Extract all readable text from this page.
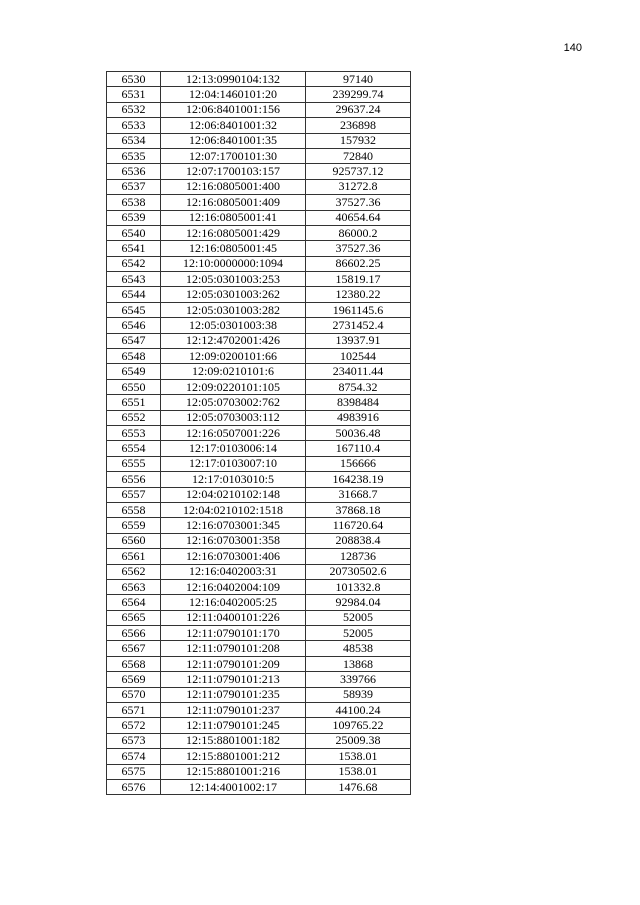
140
6530	12:13:0990104:132	97140
6531	12:04:1460101:20	239299.74
6532	12:06:8401001:156	29637.24
6533	12:06:8401001:32	236898
6534	12:06:8401001:35	157932
6535	12:07:1700101:30	72840
6536	12:07:1700103:157	925737.12
6537	12:16:0805001:400	31272.8
6538	12:16:0805001:409	37527.36
6539	12:16:0805001:41	40654.64
6540	12:16:0805001:429	86000.2
6541	12:16:0805001:45	37527.36
6542	12:10:0000000:1094	86602.25
6543	12:05:0301003:253	15819.17
6544	12:05:0301003:262	12380.22
6545	12:05:0301003:282	1961145.6
6546	12:05:0301003:38	2731452.4
6547	12:12:4702001:426	13937.91
6548	12:09:0200101:66	102544
6549	12:09:0210101:6	234011.44
6550	12:09:0220101:105	8754.32
6551	12:05:0703002:762	8398484
6552	12:05:0703003:112	4983916
6553	12:16:0507001:226	50036.48
6554	12:17:0103006:14	167110.4
6555	12:17:0103007:10	156666
6556	12:17:0103010:5	164238.19
6557	12:04:0210102:148	31668.7
6558	12:04:0210102:1518	37868.18
6559	12:16:0703001:345	116720.64
6560	12:16:0703001:358	208838.4
6561	12:16:0703001:406	128736
6562	12:16:0402003:31	20730502.6
6563	12:16:0402004:109	101332.8
6564	12:16:0402005:25	92984.04
6565	12:11:0400101:226	52005
6566	12:11:0790101:170	52005
6567	12:11:0790101:208	48538
6568	12:11:0790101:209	13868
6569	12:11:0790101:213	339766
6570	12:11:0790101:235	58939
6571	12:11:0790101:237	44100.24
6572	12:11:0790101:245	109765.22
6573	12:15:8801001:182	25009.38
6574	12:15:8801001:212	1538.01
6575	12:15:8801001:216	1538.01
6576	12:14:4001002:17	1476.68
